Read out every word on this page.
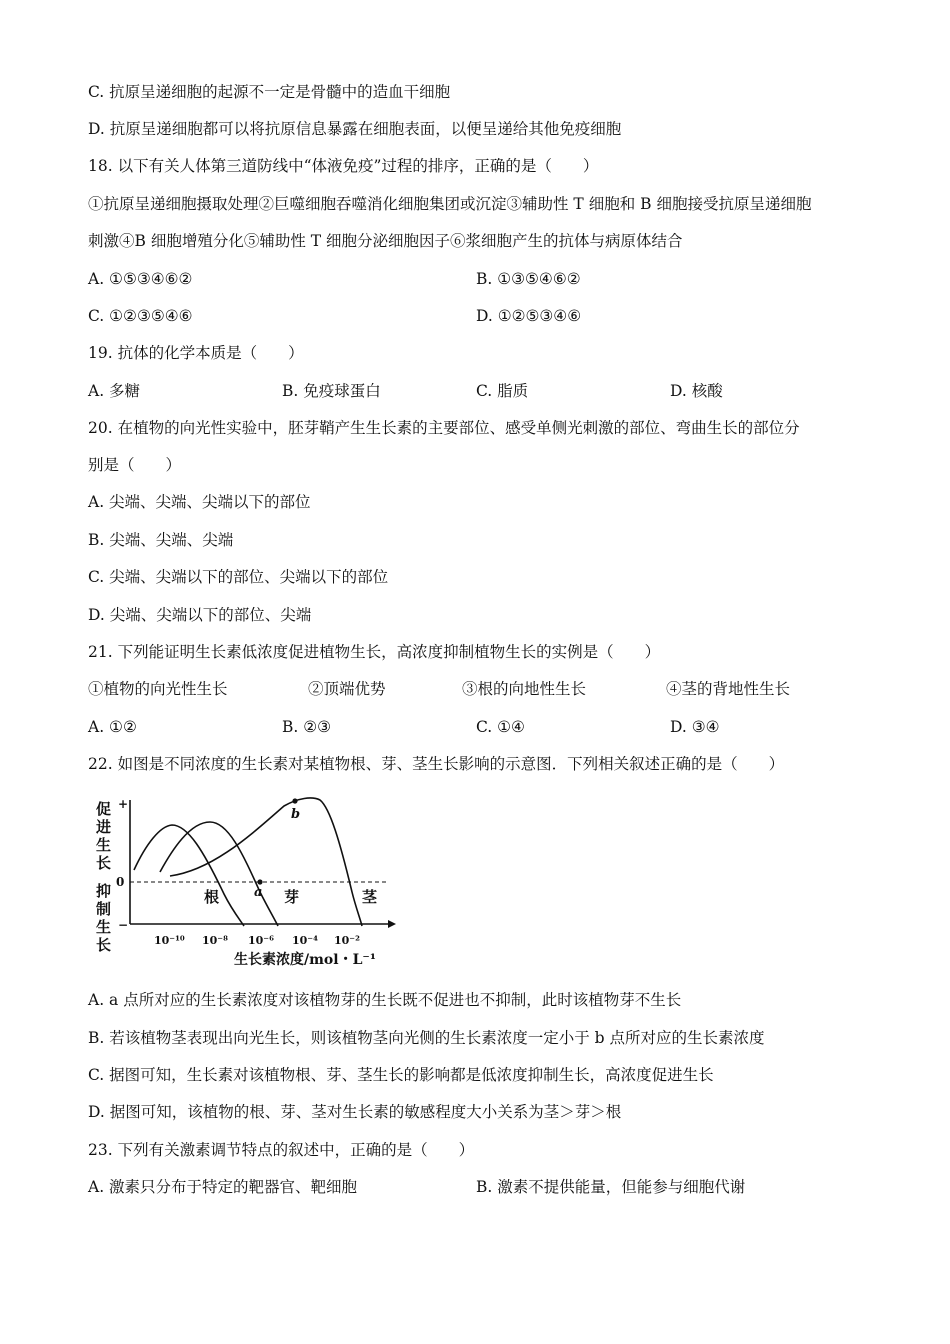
C. 抗原呈递细胞的起源不一定是骨髓中的造血干细胞
D. 抗原呈递细胞都可以将抗原信息暴露在细胞表面，以便呈递给其他免疫细胞
18. 以下有关人体第三道防线中“体液免疫”过程的排序，正确的是（　　）
①抗原呈递细胞摄取处理②巨噬细胞吞噬消化细胞集团或沉淀③辅助性 T 细胞和 B 细胞接受抗原呈递细胞
刺激④B 细胞增殖分化⑤辅助性 T 细胞分泌细胞因子⑥浆细胞产生的抗体与病原体结合
A. ①⑤③④⑥②	B. ①③⑤④⑥②
C. ①②③⑤④⑥	D. ①②⑤③④⑥
19. 抗体的化学本质是（　　）
A. 多糖	B. 免疫球蛋白	C. 脂质	D. 核酸
20. 在植物的向光性实验中，胚芽鞘产生生长素的主要部位、感受单侧光刺激的部位、弯曲生长的部位分
别是（　　）
A. 尖端、尖端、尖端以下的部位
B. 尖端、尖端、尖端
C. 尖端、尖端以下的部位、尖端以下的部位
D. 尖端、尖端以下的部位、尖端
21. 下列能证明生长素低浓度促进植物生长，高浓度抑制植物生长的实例是（　　）
①植物的向光性生长	②顶端优势	③根的向地性生长	④茎的背地性生长
A. ①②	B. ②③	C. ①④	D. ③④
22. 如图是不同浓度的生长素对某植物根、芽、茎生长影响的示意图．下列相关叙述正确的是（　　）
+
−
0
促
进
生
长
抑
制
生
长
a
b
根	芽	茎
10⁻¹⁰ 10⁻⁸ 10⁻⁶ 10⁻⁴ 10⁻²
生长素浓度/mol・L⁻¹
A. a 点所对应的生长素浓度对该植物芽的生长既不促进也不抑制，此时该植物芽不生长
B. 若该植物茎表现出向光生长，则该植物茎向光侧的生长素浓度一定小于 b 点所对应的生长素浓度
C. 据图可知，生长素对该植物根、芽、茎生长的影响都是低浓度抑制生长，高浓度促进生长
D. 据图可知，该植物的根、芽、茎对生长素的敏感程度大小关系为茎＞芽＞根
23. 下列有关激素调节特点的叙述中，正确的是（　　）
A. 激素只分布于特定的靶器官、靶细胞	B. 激素不提供能量，但能参与细胞代谢
